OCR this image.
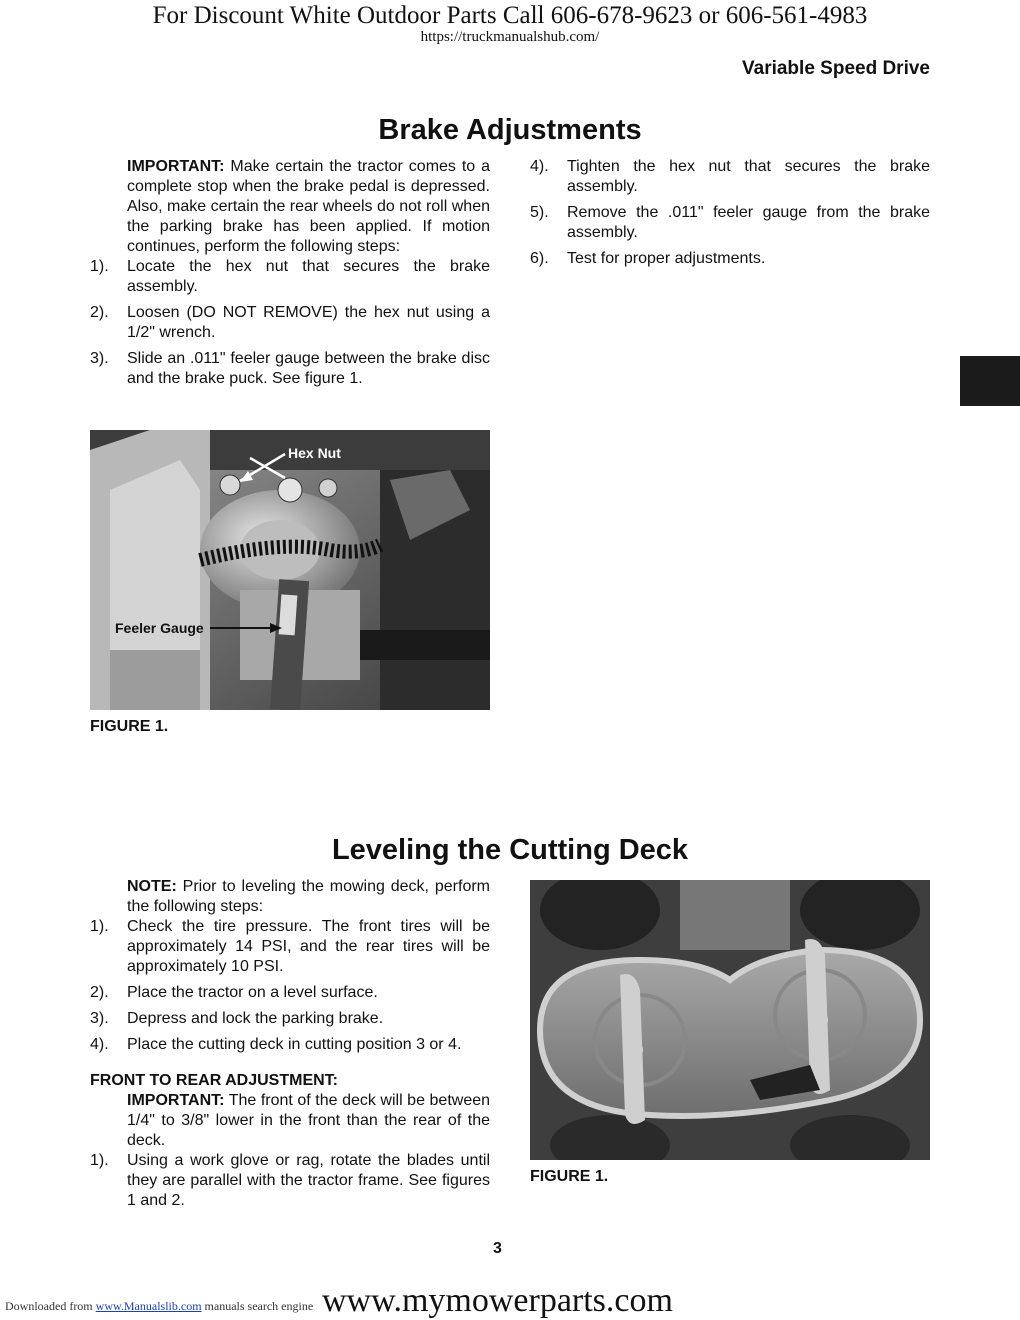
For Discount White Outdoor Parts Call 606-678-9623 or 606-561-4983
https://truckmanualshub.com/
Variable Speed Drive
Brake Adjustments

IMPORTANT: Make certain the tractor comes to a complete stop when the brake pedal is depressed. Also, make certain the rear wheels do not roll when the parking brake has been applied. If motion continues, perform the following steps:

1). Locate the hex nut that secures the brake assembly.
2). Loosen (DO NOT REMOVE) the hex nut using a 1/2" wrench.
3). Slide an .011" feeler gauge between the brake disc and the brake puck. See figure 1.
4). Tighten the hex nut that secures the brake assembly.
5). Remove the .011" feeler gauge from the brake assembly.
6). Test for proper adjustments.
Hex Nut
Feeler Gauge
FIGURE 1.
Leveling the Cutting Deck

NOTE: Prior to leveling the mowing deck, perform the following steps:

1). Check the tire pressure. The front tires will be approximately 14 PSI, and the rear tires will be approximately 10 PSI.
2). Place the tractor on a level surface.
3). Depress and lock the parking brake.
4). Place the cutting deck in cutting position 3 or 4.

FRONT TO REAR ADJUSTMENT:

IMPORTANT: The front of the deck will be between 1/4" to 3/8" lower in the front than the rear of the deck.

1). Using a work glove or rag, rotate the blades until they are parallel with the tractor frame. See figures 1 and 2.
FIGURE 1.
3
Downloaded from www.Manualslib.com manuals search engine www.mymowerparts.com
